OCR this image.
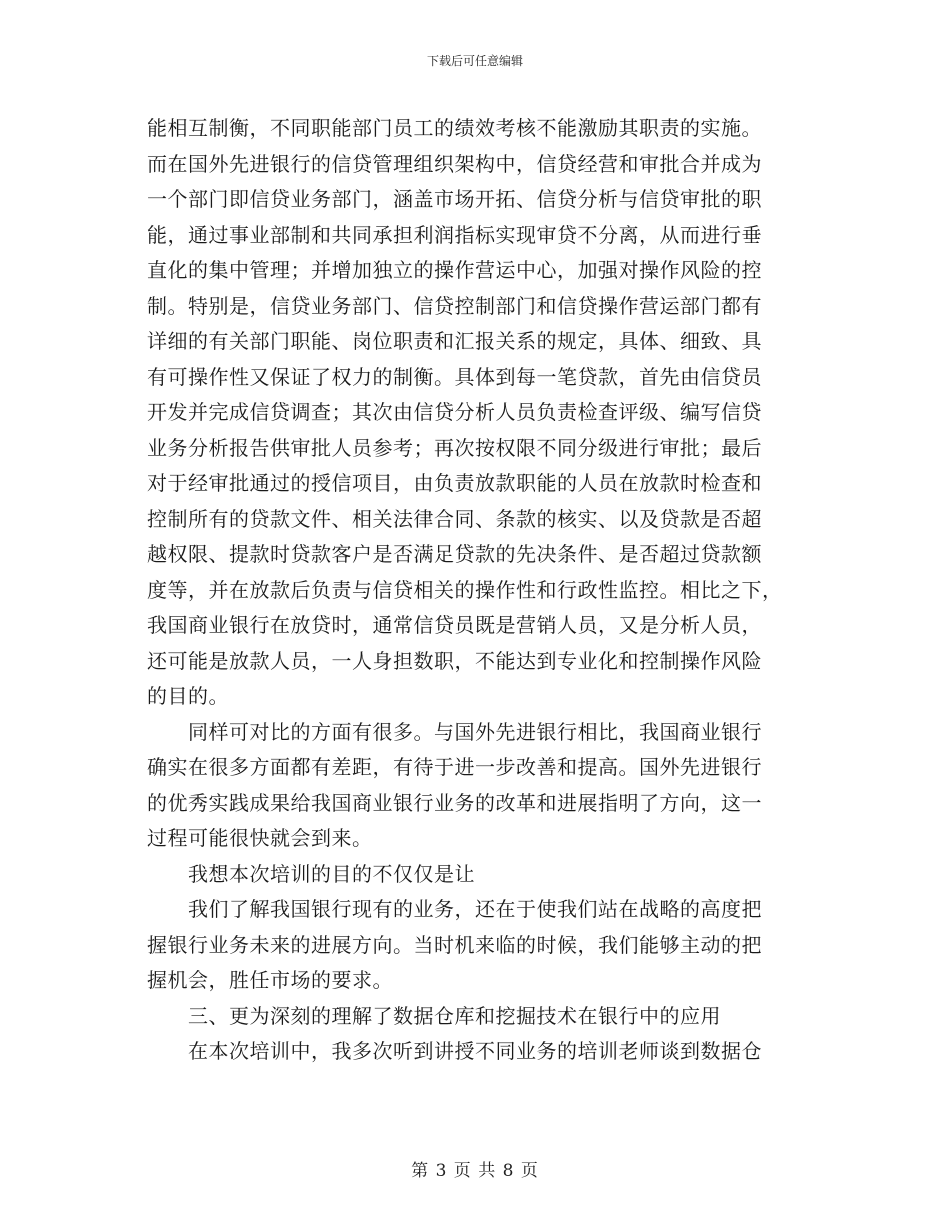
下载后可任意编辑

能相互制衡，不同职能部门员工的绩效考核不能激励其职责的实施。
而在国外先进银行的信贷管理组织架构中，信贷经营和审批合并成为
一个部门即信贷业务部门，涵盖市场开拓、信贷分析与信贷审批的职
能，通过事业部制和共同承担利润指标实现审贷不分离，从而进行垂
直化的集中管理；并增加独立的操作营运中心，加强对操作风险的控
制。特别是，信贷业务部门、信贷控制部门和信贷操作营运部门都有
详细的有关部门职能、岗位职责和汇报关系的规定，具体、细致、具
有可操作性又保证了权力的制衡。具体到每一笔贷款，首先由信贷员
开发并完成信贷调查；其次由信贷分析人员负责检查评级、编写信贷
业务分析报告供审批人员参考；再次按权限不同分级进行审批；最后
对于经审批通过的授信项目，由负责放款职能的人员在放款时检查和
控制所有的贷款文件、相关法律合同、条款的核实、以及贷款是否超
越权限、提款时贷款客户是否满足贷款的先决条件、是否超过贷款额
度等，并在放款后负责与信贷相关的操作性和行政性监控。相比之下，
我国商业银行在放贷时，通常信贷员既是营销人员，又是分析人员，
还可能是放款人员，一人身担数职，不能达到专业化和控制操作风险
的目的。

　　同样可对比的方面有很多。与国外先进银行相比，我国商业银行
确实在很多方面都有差距，有待于进一步改善和提高。国外先进银行
的优秀实践成果给我国商业银行业务的改革和进展指明了方向，这一
过程可能很快就会到来。

　　我想本次培训的目的不仅仅是让

　　我们了解我国银行现有的业务，还在于使我们站在战略的高度把
握银行业务未来的进展方向。当时机来临的时候，我们能够主动的把
握机会，胜任市场的要求。

　　三、更为深刻的理解了数据仓库和挖掘技术在银行中的应用

　　在本次培训中，我多次听到讲授不同业务的培训老师谈到数据仓

第 3 页 共 8 页
